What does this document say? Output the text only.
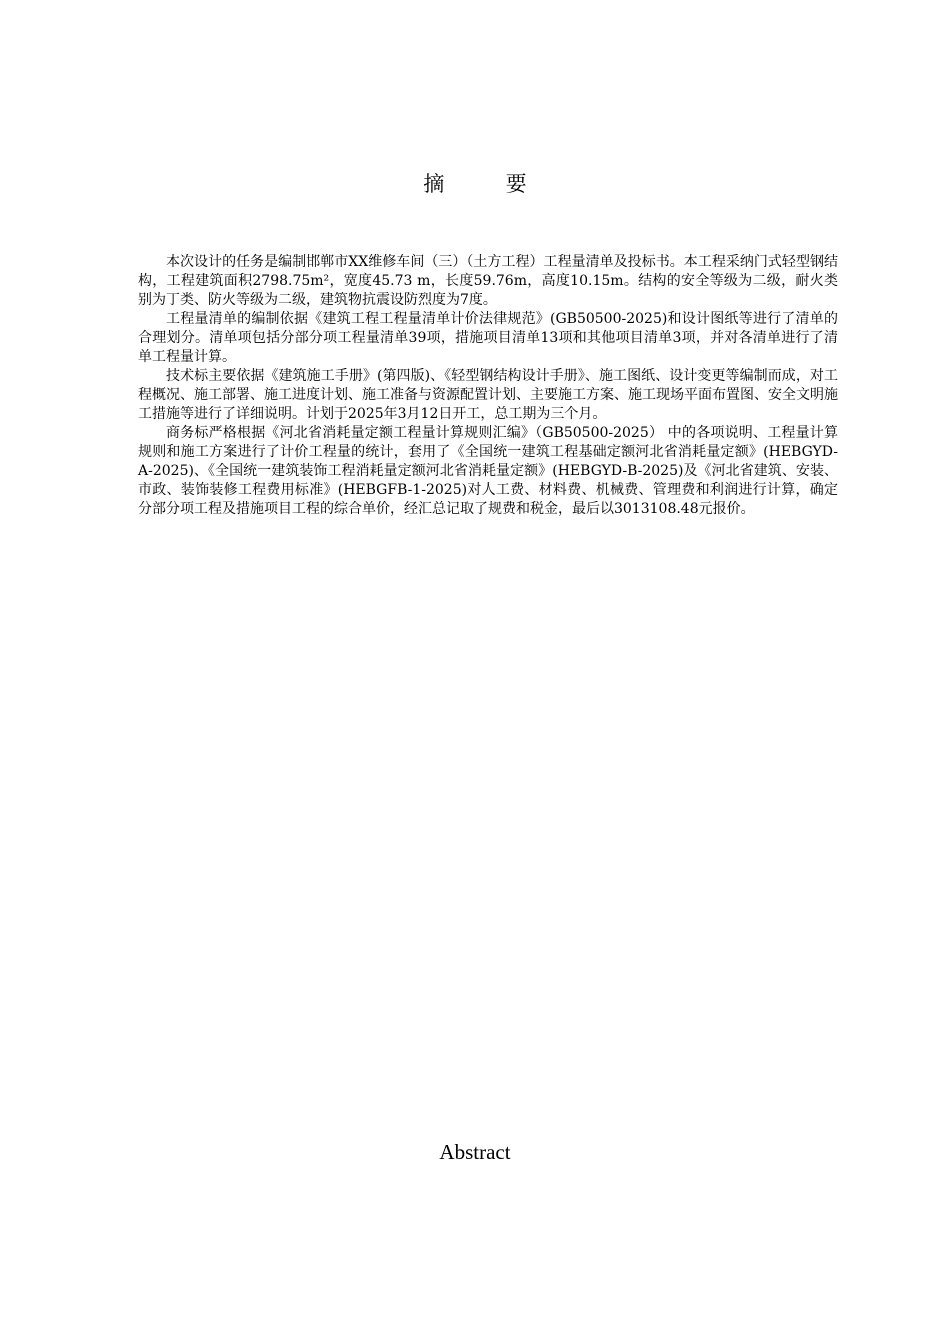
摘  要

本次设计的任务是编制邯郸市XX维修车间（三）（土方工程）工程量清单及投标书。本工程采纳门式轻型钢结构，工程建筑面积2798.75m²，宽度45.73 m，长度59.76m，高度10.15m。结构的安全等级为二级，耐火类别为丁类、防火等级为二级，建筑物抗震设防烈度为7度。

工程量清单的编制依据《建筑工程工程量清单计价法律规范》(GB50500-2025)和设计图纸等进行了清单的合理划分。清单项包括分部分项工程量清单39项，措施项目清单13项和其他项目清单3项，并对各清单进行了清单工程量计算。

技术标主要依据《建筑施工手册》(第四版)、《轻型钢结构设计手册》、施工图纸、设计变更等编制而成，对工程概况、施工部署、施工进度计划、施工准备与资源配置计划、主要施工方案、施工现场平面布置图、安全文明施工措施等进行了详细说明。计划于2025年3月12日开工，总工期为三个月。

商务标严格根据《河北省消耗量定额工程量计算规则汇编》（GB50500-2025） 中的各项说明、工程量计算规则和施工方案进行了计价工程量的统计，套用了《全国统一建筑工程基础定额河北省消耗量定额》(HEBGYD-A-2025)、《全国统一建筑装饰工程消耗量定额河北省消耗量定额》(HEBGYD-B-2025)及《河北省建筑、安装、市政、装饰装修工程费用标准》(HEBGFB-1-2025)对人工费、材料费、机械费、管理费和利润进行计算，确定分部分项工程及措施项目工程的综合单价，经汇总记取了规费和税金，最后以3013108.48元报价。

Abstract
